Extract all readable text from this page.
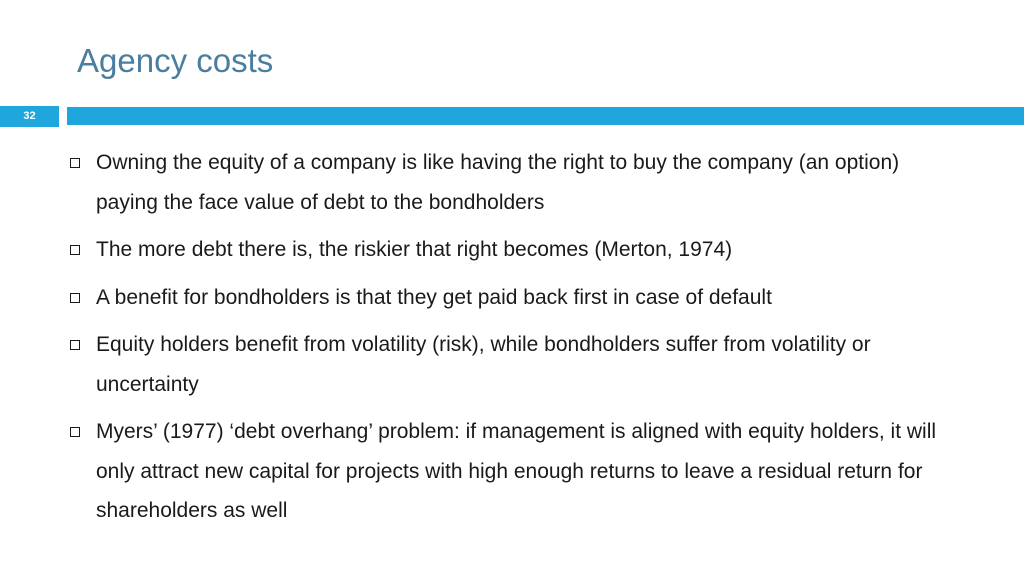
Agency costs
32
Owning the equity of a company is like having the right to buy the company (an option) paying the face value of debt to the bondholders
The more debt there is, the riskier that right becomes (Merton, 1974)
A benefit for bondholders is that they get paid back first in case of default
Equity holders benefit from volatility (risk), while bondholders suffer from volatility or uncertainty
Myers’ (1977) ‘debt overhang’ problem: if management is aligned with equity holders, it will only attract new capital for projects with high enough returns to leave a residual return for shareholders as well
